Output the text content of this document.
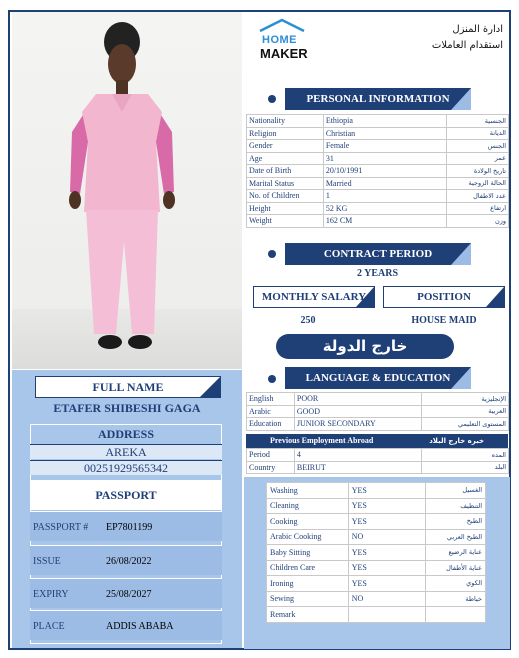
FULL NAME
ETAFER SHIBESHI GAGA
ADDRESS
AREKA
00251929565342
PASSPORT
PASSPORT # EP7801199
ISSUE	26/08/2022
EXPIRY	25/08/2027
PLACE	ADDIS ABABA
HOME
MAKER
ادارة المنزل
استقدام العاملات
PERSONAL INFORMATION
Nationality	Ethiopia	الجنسية
Religion	Christian	الديانة
Gender	Female	الجنس
Age	31	عمر
Date of Birth	20/10/1991	تاريخ الولادة
Marital Status	Married	الحالة الزوجية
No. of Children	1	عدد الاطفال
Height	52 KG	ارتفاع
Weight	162 CM	وزن
CONTRACT PERIOD
2 YEARS
MONTHLY SALARY	POSITION
250	HOUSE MAID
خارج الدولة
LANGUAGE & EDUCATION
English	POOR	الإنجليزية
Arabic	GOOD	العربية
Education	JUNIOR SECONDARY	المستوى التعليمي
Previous Employment Abroad	خبره خارج البلاد
Period	4	المده
Country	BEIRUT	البلد
Washing	YES	الغسيل
Cleaning	YES	التنظيف
Cooking	YES	الطبخ
Arabic Cooking	NO	الطبخ العربي
Baby Sitting	YES	عناية الرضيع
Children Care	YES	عناية الأطفال
Ironing	YES	الكوي
Sewing	NO	خياطة
Remark		
